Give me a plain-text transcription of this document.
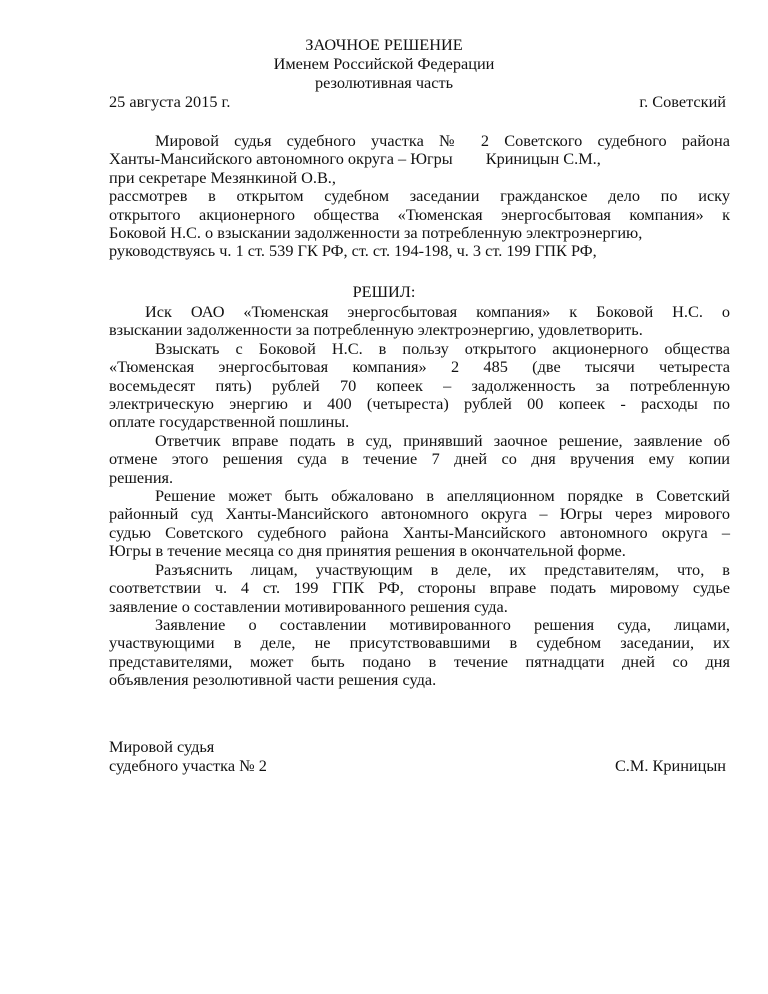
ЗАОЧНОЕ РЕШЕНИЕ
Именем Российской Федерации
резолютивная часть
25 августа 2015 г.	г. Советский
Мировой судья судебного участка № 2 Советского судебного района
Ханты-Мансийского автономного округа – Югры Криницын С.М.,
при секретаре Мезянкиной О.В.,
рассмотрев в открытом судебном заседании гражданское дело по иску
открытого акционерного общества «Тюменская энергосбытовая компания» к
Боковой Н.С. о взыскании задолженности за потребленную электроэнергию,
руководствуясь ч. 1 ст. 539 ГК РФ, ст. ст. 194-198, ч. 3 ст. 199 ГПК РФ,
РЕШИЛ:
Иск ОАО «Тюменская энергосбытовая компания» к Боковой Н.С. о
взыскании задолженности за потребленную электроэнергию, удовлетворить.
Взыскать с Боковой Н.С. в пользу открытого акционерного общества
«Тюменская энергосбытовая компания» 2 485 (две тысячи четыреста
восемьдесят пять) рублей 70 копеек – задолженность за потребленную
электрическую энергию и 400 (четыреста) рублей 00 копеек - расходы по
оплате государственной пошлины.
Ответчик вправе подать в суд, принявший заочное решение, заявление об
отмене этого решения суда в течение 7 дней со дня вручения ему копии
решения.
Решение может быть обжаловано в апелляционном порядке в Советский
районный суд Ханты-Мансийского автономного округа – Югры через мирового
судью Советского судебного района Ханты-Мансийского автономного округа –
Югры в течение месяца со дня принятия решения в окончательной форме.
Разъяснить лицам, участвующим в деле, их представителям, что, в
соответствии ч. 4 ст. 199 ГПК РФ, стороны вправе подать мировому судье
заявление о составлении мотивированного решения суда.
Заявление о составлении мотивированного решения суда, лицами,
участвующими в деле, не присутствовавшими в судебном заседании, их
представителями, может быть подано в течение пятнадцати дней со дня
объявления резолютивной части решения суда.
Мировой судья
судебного участка № 2	С.М. Криницын
